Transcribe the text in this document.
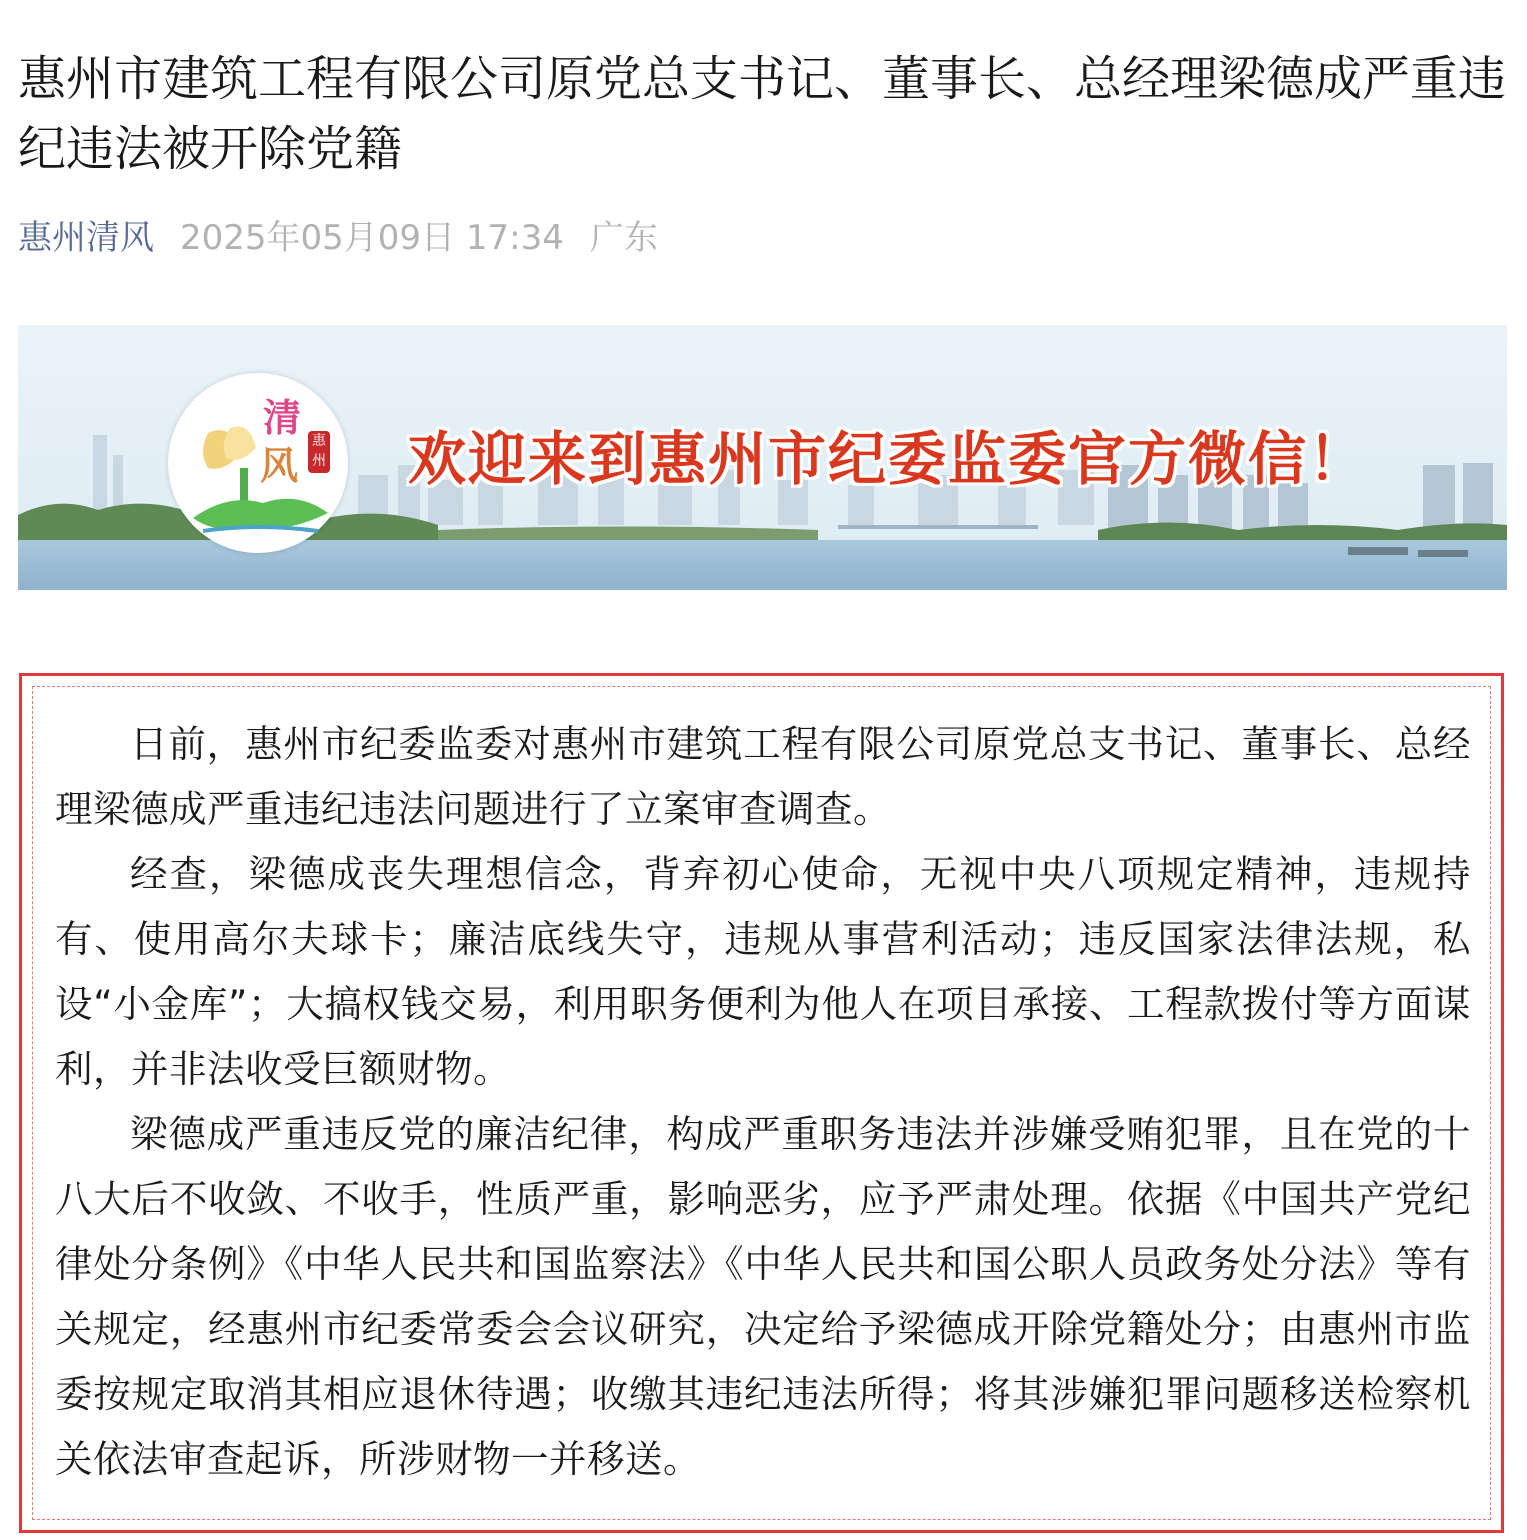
惠州市建筑工程有限公司原党总支书记、董事长、总经理梁德成严重违纪违法被开除党籍
惠州清风 2025年05月09日 17:34 广东
清
风
惠州 欢迎来到惠州市纪委监委官方微信！

日前，惠州市纪委监委对惠州市建筑工程有限公司原党总支书记、董事长、总经理梁德成严重违纪违法问题进行了立案审查调查。

经查，梁德成丧失理想信念，背弃初心使命，无视中央八项规定精神，违规持有、使用高尔夫球卡；廉洁底线失守，违规从事营利活动；违反国家法律法规，私设“小金库”；大搞权钱交易，利用职务便利为他人在项目承接、工程款拨付等方面谋利，并非法收受巨额财物。

梁德成严重违反党的廉洁纪律，构成严重职务违法并涉嫌受贿犯罪，且在党的十八大后不收敛、不收手，性质严重，影响恶劣，应予严肃处理。依据《中国共产党纪律处分条例》《中华人民共和国监察法》《中华人民共和国公职人员政务处分法》等有关规定，经惠州市纪委常委会会议研究，决定给予梁德成开除党籍处分；由惠州市监委按规定取消其相应退休待遇；收缴其违纪违法所得；将其涉嫌犯罪问题移送检察机关依法审查起诉，所涉财物一并移送。
